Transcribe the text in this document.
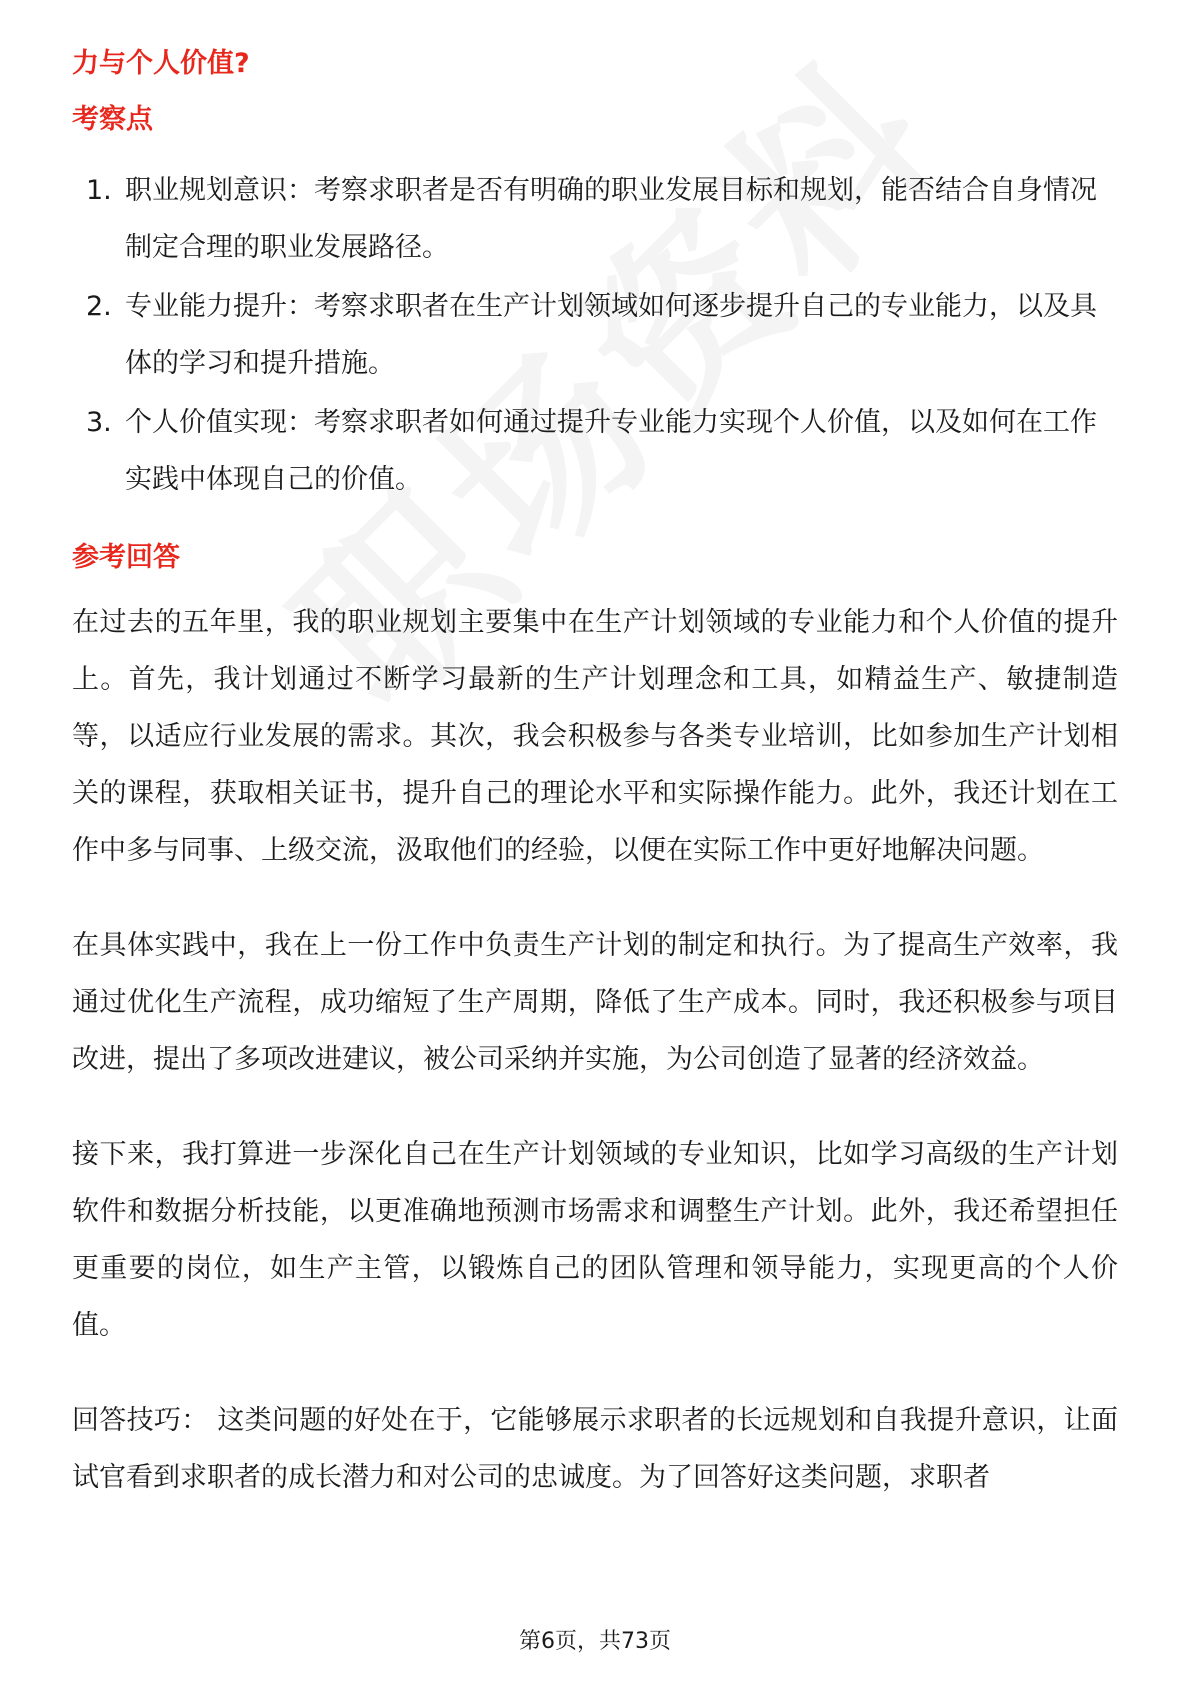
力与个人价值?
考察点
1. 职业规划意识：考察求职者是否有明确的职业发展目标和规划，能否结合自身情况制定合理的职业发展路径。
2. 专业能力提升：考察求职者在生产计划领域如何逐步提升自己的专业能力，以及具体的学习和提升措施。
3. 个人价值实现：考察求职者如何通过提升专业能力实现个人价值，以及如何在工作实践中体现自己的价值。
参考回答

在过去的五年里，我的职业规划主要集中在生产计划领域的专业能力和个人价值的提升上。首先，我计划通过不断学习最新的生产计划理念和工具，如精益生产、敏捷制造等，以适应行业发展的需求。其次，我会积极参与各类专业培训，比如参加生产计划相关的课程，获取相关证书，提升自己的理论水平和实际操作能力。此外，我还计划在工作中多与同事、上级交流，汲取他们的经验，以便在实际工作中更好地解决问题。

在具体实践中，我在上一份工作中负责生产计划的制定和执行。为了提高生产效率，我通过优化生产流程，成功缩短了生产周期，降低了生产成本。同时，我还积极参与项目改进，提出了多项改进建议，被公司采纳并实施，为公司创造了显著的经济效益。

接下来，我打算进一步深化自己在生产计划领域的专业知识，比如学习高级的生产计划软件和数据分析技能，以更准确地预测市场需求和调整生产计划。此外，我还希望担任更重要的岗位，如生产主管，以锻炼自己的团队管理和领导能力，实现更高的个人价值。

回答技巧： 这类问题的好处在于，它能够展示求职者的长远规划和自我提升意识，让面试官看到求职者的成长潜力和对公司的忠诚度。为了回答好这类问题，求职者

第6页，共73页
